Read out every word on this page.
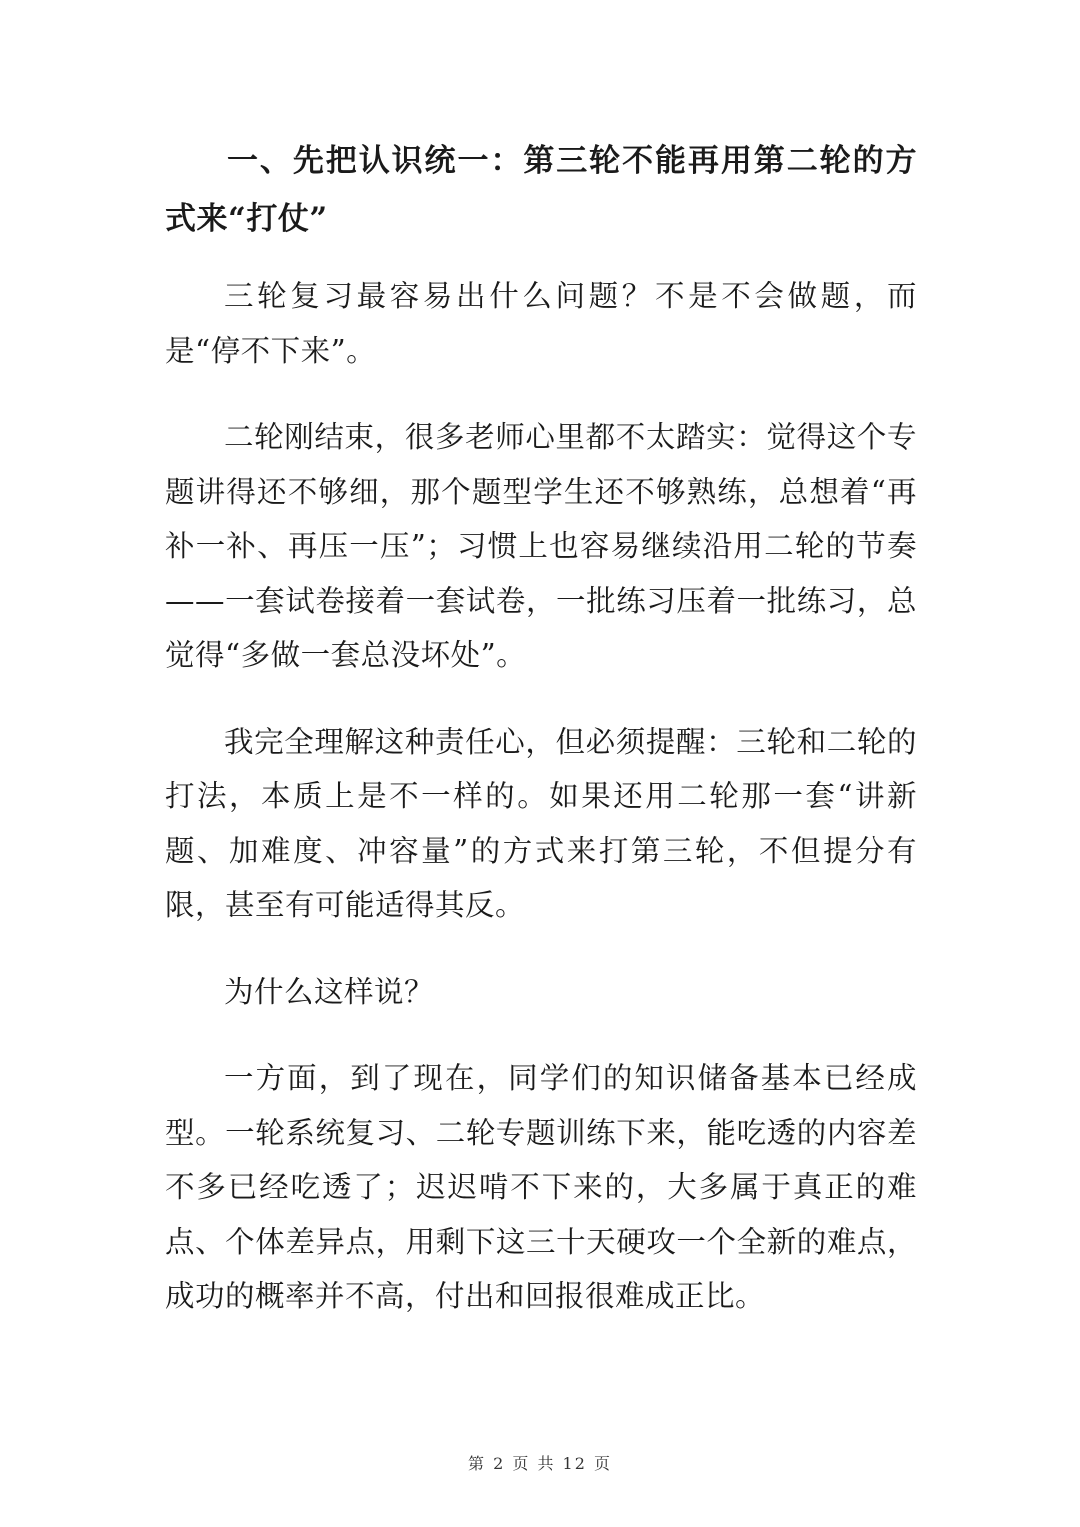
一、先把认识统一：第三轮不能再用第二轮的方式来“打仗”

三轮复习最容易出什么问题？不是不会做题，而是“停不下来”。

二轮刚结束，很多老师心里都不太踏实：觉得这个专题讲得还不够细，那个题型学生还不够熟练，总想着“再补一补、再压一压”；习惯上也容易继续沿用二轮的节奏——一套试卷接着一套试卷，一批练习压着一批练习，总觉得“多做一套总没坏处”。

我完全理解这种责任心，但必须提醒：三轮和二轮的打法，本质上是不一样的。如果还用二轮那一套“讲新题、加难度、冲容量”的方式来打第三轮，不但提分有限，甚至有可能适得其反。

为什么这样说？

一方面，到了现在，同学们的知识储备基本已经成型。一轮系统复习、二轮专题训练下来，能吃透的内容差不多已经吃透了；迟迟啃不下来的，大多属于真正的难点、个体差异点，用剩下这三十天硬攻一个全新的难点，成功的概率并不高，付出和回报很难成正比。

第 2 页 共 12 页
